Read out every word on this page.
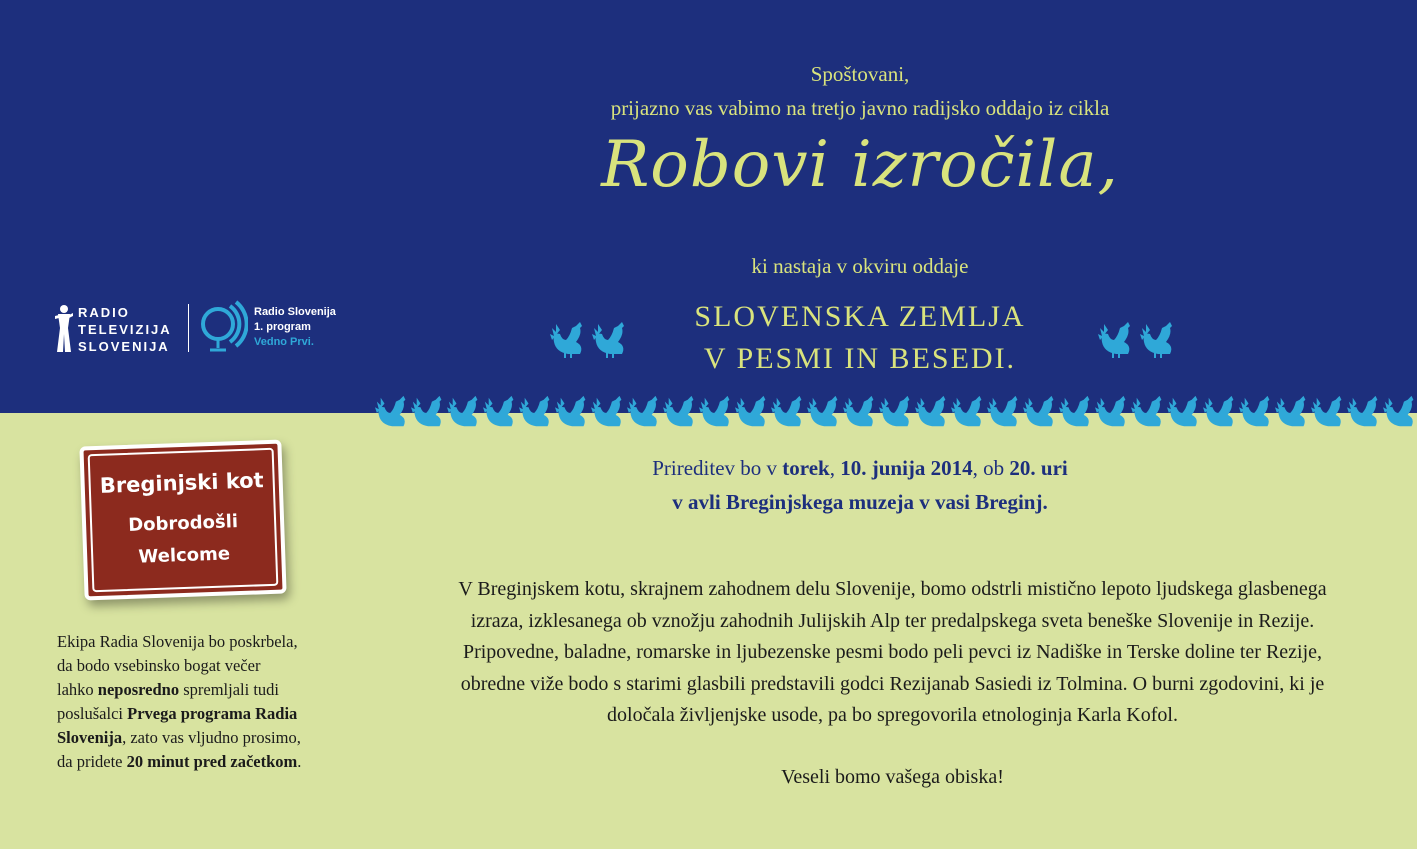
Spoštovani,
prijazno vas vabimo na tretjo javno radijsko oddajo iz cikla
Robovi izročila,
ki nastaja v okviru oddaje
SLOVENSKA ZEMLJA
V PESMI IN BESEDI.
RADIO
TELEVIZIJA
SLOVENIJA
Radio Slovenija
1. program
Vedno Prvi.
Breginjski kot
Dobrodošli
Welcome
Prireditev bo v torek, 10. junija 2014, ob 20. uri
v avli Breginjskega muzeja v vasi Breginj.
V Breginjskem kotu, skrajnem zahodnem delu Slovenije, bomo odstrli mistično lepoto ljudskega glasbenega
izraza, izklesanega ob vznožju zahodnih Julijskih Alp ter predalpskega sveta beneške Slovenije in Rezije.
Pripovedne, baladne, romarske in ljubezenske pesmi bodo peli pevci iz Nadiške in Terske doline ter Rezije,
obredne viže bodo s starimi glasbili predstavili godci Rezijanab Sasiedi iz Tolmina. O burni zgodovini, ki je
določala življenjske usode, pa bo spregovorila etnologinja Karla Kofol.
Veseli bomo vašega obiska!
Ekipa Radia Slovenija bo poskrbela,
da bodo vsebinsko bogat večer
lahko neposredno spremljali tudi
poslušalci Prvega programa Radia
Slovenija, zato vas vljudno prosimo,
da pridete 20 minut pred začetkom.
